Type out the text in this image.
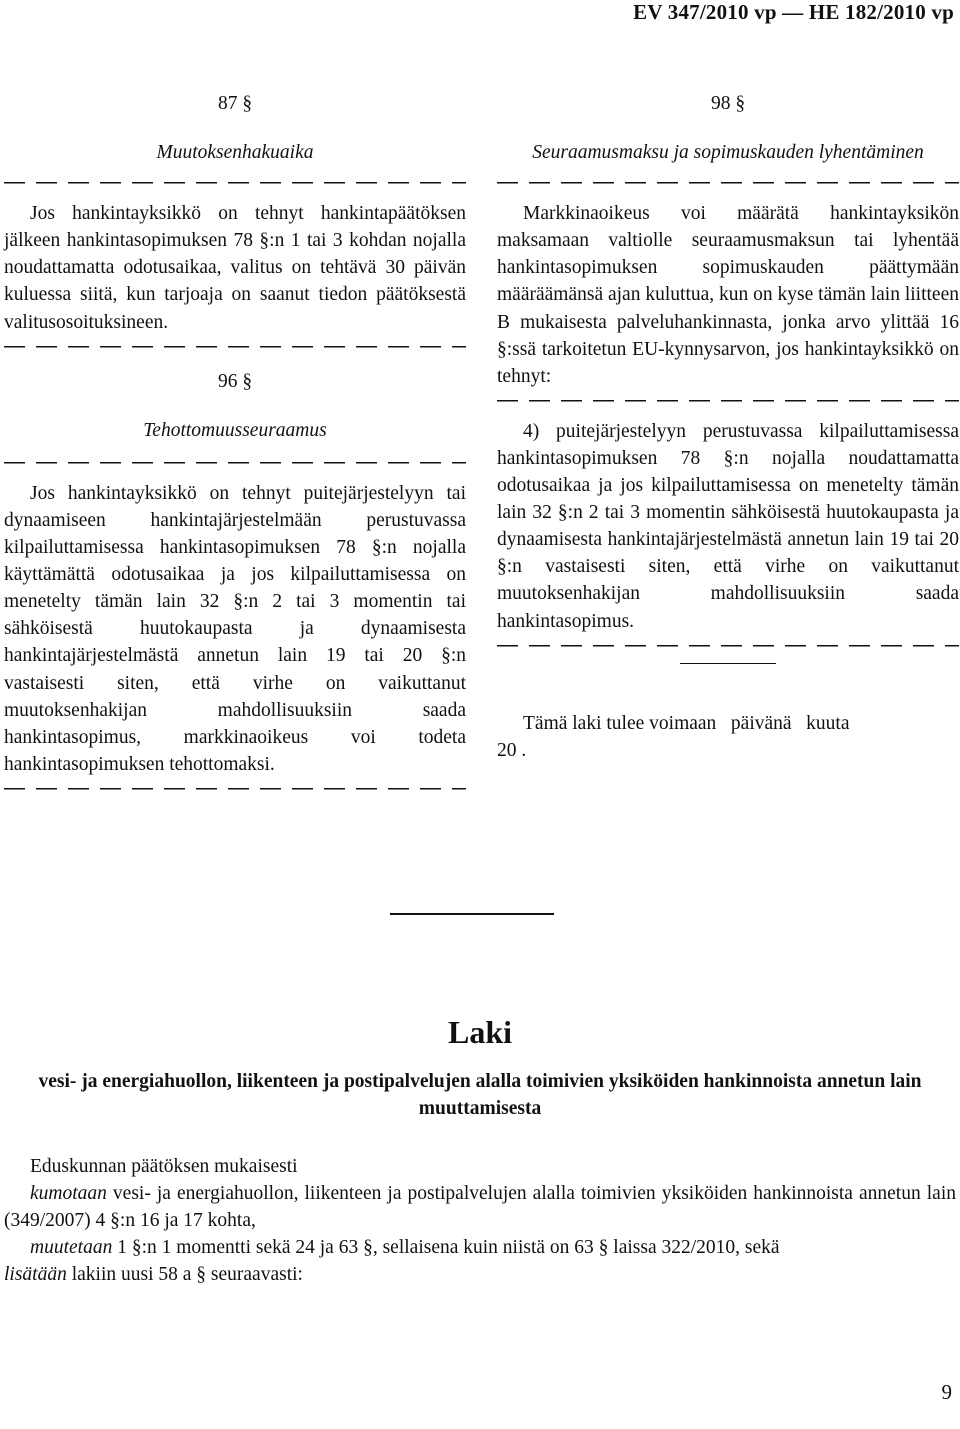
EV 347/2010 vp — HE 182/2010 vp
87 §
Muutoksenhakuaika
Jos hankintayksikkö on tehnyt hankintapäätöksen jälkeen hankintasopimuksen 78 §:n 1 tai 3 kohdan nojalla noudattamatta odotusaikaa, valitus on tehtävä 30 päivän kuluessa siitä, kun tarjoaja on saanut tiedon päätöksestä valitusosoituksineen.
96 §
Tehottomuusseuraamus
Jos hankintayksikkö on tehnyt puitejärjestelyyn tai dynaamiseen hankintajärjestelmään perustuvassa kilpailuttamisessa hankintasopimuksen 78 §:n nojalla käyttämättä odotusaikaa ja jos kilpailuttamisessa on menetelty tämän lain 32 §:n 2 tai 3 momentin tai sähköisestä huutokaupasta ja dynaamisesta hankintajärjestelmästä annetun lain 19 tai 20 §:n vastaisesti siten, että virhe on vaikuttanut muutoksenhakijan mahdollisuuksiin saada hankintasopimus, markkinaoikeus voi todeta hankintasopimuksen tehottomaksi.
98 §
Seuraamusmaksu ja sopimuskauden lyhentäminen
Markkinaoikeus voi määrätä hankintayksikön maksamaan valtiolle seuraamusmaksun tai lyhentää hankintasopimuksen sopimuskauden päättymään määräämänsä ajan kuluttua, kun on kyse tämän lain liitteen B mukaisesta palveluhankinnasta, jonka arvo ylittää 16 §:ssä tarkoitetun EU-kynnysarvon, jos hankintayksikkö on tehnyt:
4) puitejärjestelyyn perustuvassa kilpailuttamisessa hankintasopimuksen 78 §:n nojalla noudattamatta odotusaikaa ja jos kilpailuttamisessa on menetelty tämän lain 32 §:n 2 tai 3 momentin sähköisestä huutokaupasta ja dynaamisesta hankintajärjestelmästä annetun lain 19 tai 20 §:n vastaisesti siten, että virhe on vaikuttanut muutoksenhakijan mahdollisuuksiin saada hankintasopimus.
Tämä laki tulee voimaan   päivänä   kuuta
20 .
Laki
vesi- ja energiahuollon, liikenteen ja postipalvelujen alalla toimivien yksiköiden hankinnoista annetun lain muuttamisesta
Eduskunnan päätöksen mukaisesti
kumotaan vesi- ja energiahuollon, liikenteen ja postipalvelujen alalla toimivien yksiköiden hankinnoista annetun lain (349/2007) 4 §:n 16 ja 17 kohta,
muutetaan 1 §:n 1 momentti sekä 24 ja 63 §, sellaisena kuin niistä on 63 § laissa 322/2010, sekä
lisätään lakiin uusi 58 a § seuraavasti:
9
